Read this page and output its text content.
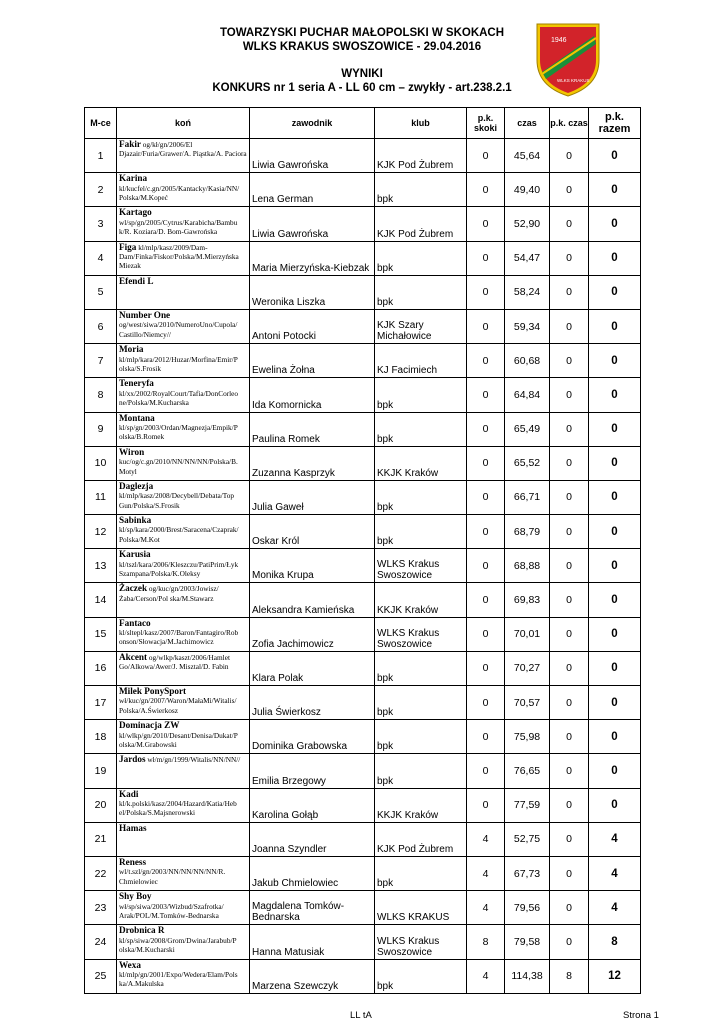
TOWARZYSKI PUCHAR MAŁOPOLSKI W SKOKACH
WLKS KRAKUS SWOSZOWICE - 29.04.2016
WYNIKI
KONKURS nr 1 seria A - LL 60 cm – zwykły - art.238.2.1
1946
WLKS KRAKUS
M-ce	koń	zawodnik	klub	p.k. skoki	czas	p.k. czas	p.k. razem
1	Fakir og/kł/gn/2006/El Djazair/Furia/Grawer/A. Piąstka/A. Paciora	Liwia Gawrońska	KJK Pod Żubrem	0	45,64	0	0
2	Karina kl/kucfel/c.gn/2005/Kantacky/Kasia/NN/ Polska/M.Kopeć	Lena German	bpk	0	49,40	0	0
3	Kartago wl/sp/gn/2005/Cytrus/Karabicha/Bambu k/R. Koziara/D. Bom-Gawrońska	Liwia Gawrońska	KJK Pod Żubrem	0	52,90	0	0
4	Figa kl/mlp/kasz/2009/Dam-Dam/Finka/Fiskor/Polska/M.Mierzyńska Miezak	Maria Mierzyńska-Kiebzak	bpk	0	54,47	0	0
5	Efendi L	Weronika Liszka	bpk	0	58,24	0	0
6	Number One og/west/siwa/2010/NumeroUno/Cupola/ Castillo/Niemcy//	Antoni Potocki	KJK Szary Michałowice	0	59,34	0	0
7	Moria kl/mlp/kara/2012/Huzar/Morfina/Emir/P olska/S.Frosik	Ewelina Żołna	KJ Facimiech	0	60,68	0	0
8	Teneryfa kl/xx/2002/RoyalCourt/Tafia/DonCorleo ne/Polska/M.Kucharska	Ida Komornicka	bpk	0	64,84	0	0
9	Montana kl/sp/gn/2003/Ordan/Magnezja/Empik/P olska/B.Romek	Paulina Romek	bpk	0	65,49	0	0
10	Wiron kuc/og/c.gn/2010/NN/NN/NN/Polska/B. Motyl	Zuzanna Kasprzyk	KKJK Kraków	0	65,52	0	0
11	Daglezja kl/mlp/kasz/2008/Decybell/Debata/Top Gun/Polska/S.Frosik	Julia Gaweł	bpk	0	66,71	0	0
12	Sabinka kl/sp/kara/2000/Brest/Saracena/Czaprak/ Polska/M.Kot	Oskar Król	bpk	0	68,79	0	0
13	Karusia kl/tszl/kara/2006/Kleszczu/PatiPrim/Łyk Szampana/Polska/K.Oleksy	Monika Krupa	WLKS Krakus Swoszowice	0	68,88	0	0
14	Żaczek og/kuc/gn/2003/Jowisz/Żaba/Cerson/Pol ska/M.Stawarz	Aleksandra Kamieńska	KKJK Kraków	0	69,83	0	0
15	Fantaco kl/sltepl/kasz/2007/Baron/Fantagiro/Rob onson/Słowacja/M.Jachimowicz	Zofia Jachimowicz	WLKS Krakus Swoszowice	0	70,01	0	0
16	Akcent og/wlkp/kaszt/2006/Hamlet Go/Alkowa/Awer/J. Misztal/D. Fabin	Klara Polak	bpk	0	70,27	0	0
17	Milek PonySport wł/kuc/gn/2007/Waron/MałaMi/Witalis/ Polska/A.Świerkosz	Julia Świerkosz	bpk	0	70,57	0	0
18	Dominacja ZW kl/wlkp/gn/2010/Desant/Denisa/Dukat/P olska/M.Grabowski	Dominika Grabowska	bpk	0	75,98	0	0
19	Jardos wł/m/gn/1999/Witalis/NN/NN//	Emilia Brzegowy	bpk	0	76,65	0	0
20	Kadi kl/k.polski/kasz/2004/Hazard/Katia/Heb el/Polska/S.Majsnerowski	Karolina Gołąb	KKJK Kraków	0	77,59	0	0
21	Hamas	Joanna Szyndler	KJK Pod Żubrem	4	52,75	0	4
22	Reness wl/t.szl/gn/2003/NN/NN/NN/NN/R. Chmielowiec	Jakub Chmielowiec	bpk	4	67,73	0	4
23	Shy Boy wł/sp/siwa/2003/Wizbud/Szafrotka/ Arak/POL/M.Tomków-Bednarska	Magdalena Tomków-Bednarska	WLKS KRAKUS	4	79,56	0	4
24	Drobnica R kl/sp/siwa/2008/Grom/Dwina/Jarabub/P olska/M.Kucharski	Hanna Matusiak	WLKS Krakus Swoszowice	8	79,58	0	8
25	Wexa kl/mlp/gn/2001/Expo/Wedera/Elam/Pols ka/A.Makulska	Marzena Szewczyk	bpk	4	114,38	8	12
LL tA	Strona 1
